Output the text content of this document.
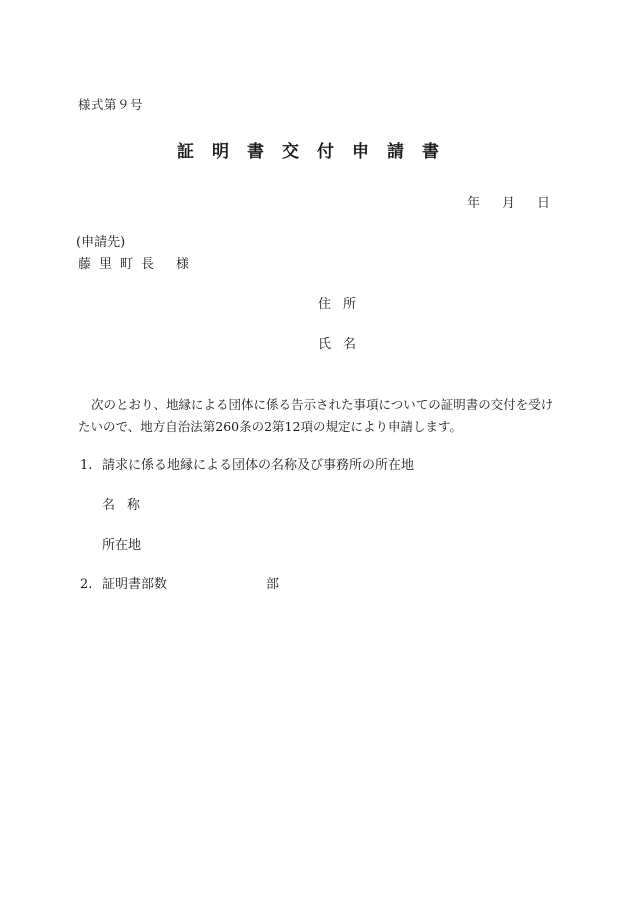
様式第９号
証明書交付申請書
年 月 日
(申請先)
藤里町長 様
住所
氏名
次のとおり、地縁による団体に係る告示された事項についての証明書の交付を受けたいので、地方自治法第260条の2第12項の規定により申請します。
1. 請求に係る地縁による団体の名称及び事務所の所在地
名称
所在地
2. 証明書部数	部
